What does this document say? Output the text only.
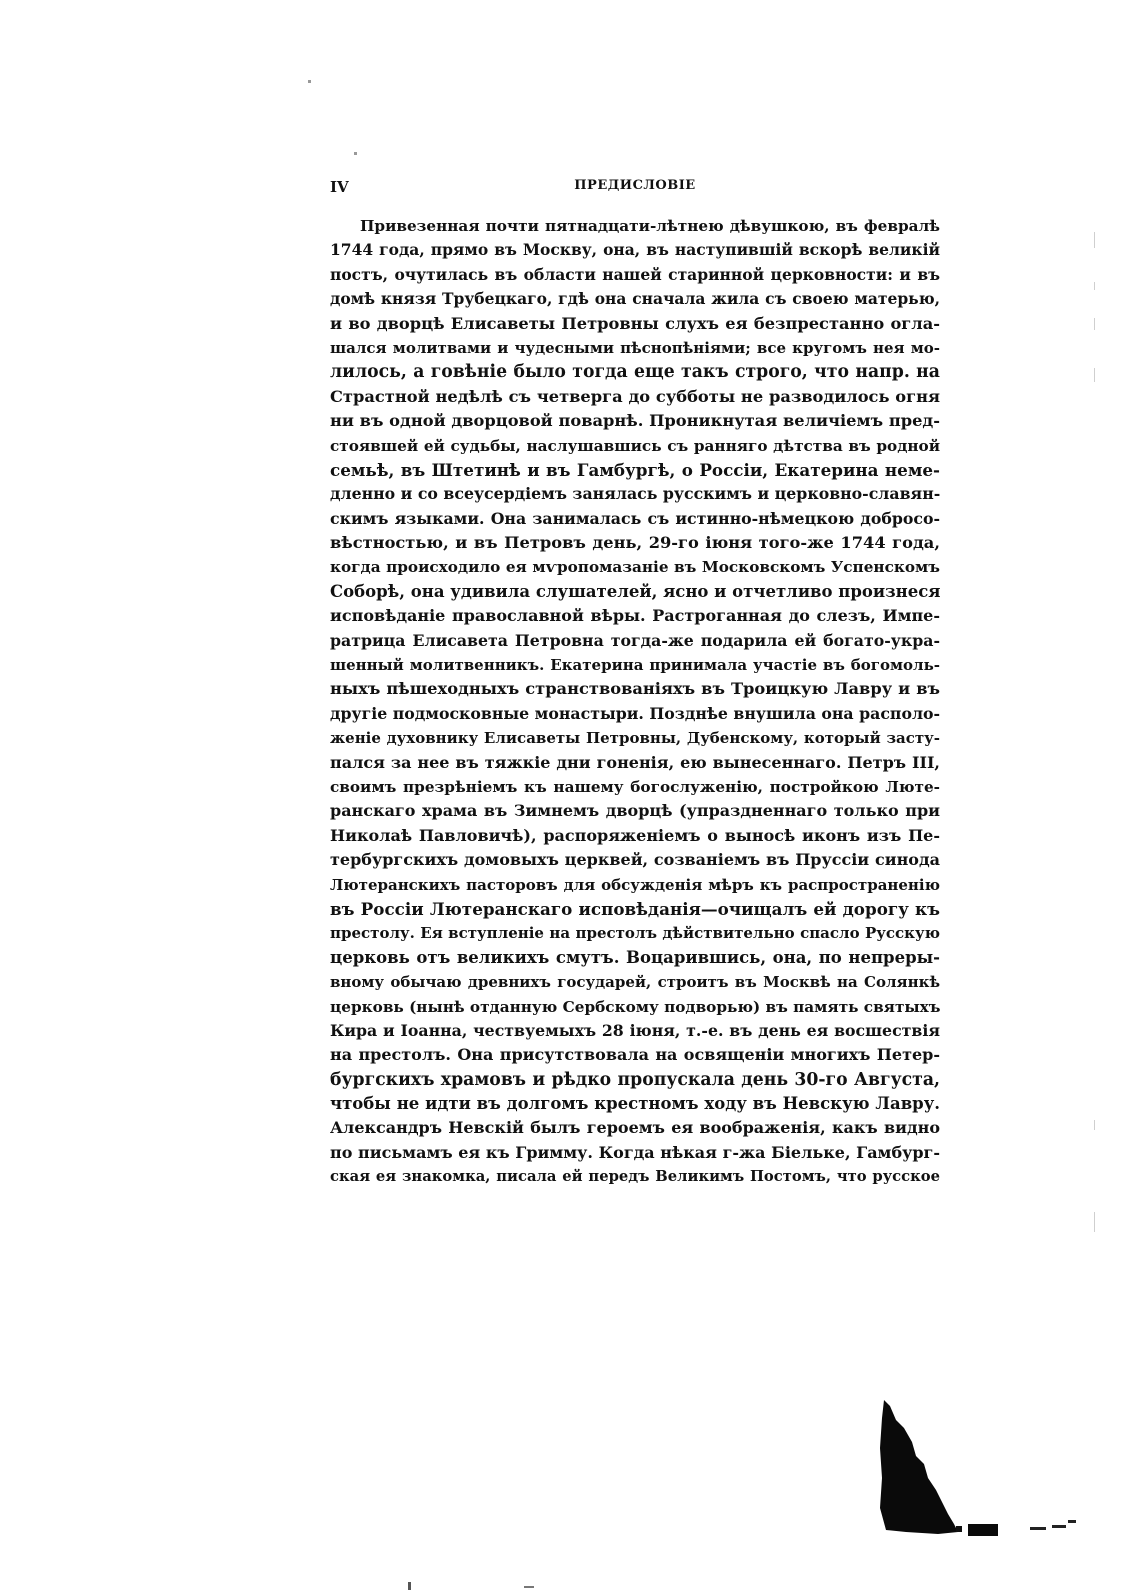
IV	ПРЕДИСЛОВІЕ
Привезенная почти пятнадцати-лѣтнею дѣвушкою, въ февралѣ
1744 года, прямо въ Москву, она, въ наступившій вскорѣ великій
постъ, очутилась въ области нашей старинной церковности: и въ
домѣ князя Трубецкаго, гдѣ она сначала жила съ своею матерью,
и во дворцѣ Елисаветы Петровны слухъ ея безпрестанно огла-
шался молитвами и чудесными пѣснопѣніями; все кругомъ нея мо-
лилось, а говѣніе было тогда еще такъ строго, что напр. на
Страстной недѣлѣ съ четверга до субботы не разводилось огня
ни въ одной дворцовой поварнѣ. Проникнутая величіемъ пред-
стоявшей ей судьбы, наслушавшись съ ранняго дѣтства въ родной
семьѣ, въ Штетинѣ и въ Гамбургѣ, о Россіи, Екатерина неме-
дленно и со всеусердіемъ занялась русскимъ и церковно-славян-
скимъ языками. Она занималась съ истинно-нѣмецкою добросо-
вѣстностью, и въ Петровъ день, 29-го іюня того-же 1744 года,
когда происходило ея мѵропомазаніе въ Московскомъ Успенскомъ
Соборѣ, она удивила слушателей, ясно и отчетливо произнеся
исповѣданіе православной вѣры. Растроганная до слезъ, Импе-
ратрица Елисавета Петровна тогда-же подарила ей богато-укра-
шенный молитвенникъ. Екатерина принимала участіе въ богомоль-
ныхъ пѣшеходныхъ странствованіяхъ въ Троицкую Лавру и въ
другіе подмосковные монастыри. Позднѣе внушила она располо-
женіе духовнику Елисаветы Петровны, Дубенскому, который засту-
пался за нее въ тяжкіе дни гоненія, ею вынесеннаго. Петръ III,
своимъ презрѣніемъ къ нашему богослуженію, постройкою Люте-
ранскаго храма въ Зимнемъ дворцѣ (упраздненнаго только при
Николаѣ Павловичѣ), распоряженіемъ о выносѣ иконъ изъ Пе-
тербургскихъ домовыхъ церквей, созваніемъ въ Пруссіи синода
Лютеранскихъ пасторовъ для обсужденія мѣръ къ распространенію
въ Россіи Лютеранскаго исповѣданія—очищалъ ей дорогу къ
престолу. Ея вступленіе на престолъ дѣйствительно спасло Русскую
церковь отъ великихъ смутъ. Воцарившись, она, по непреры-
вному обычаю древнихъ государей, строитъ въ Москвѣ на Солянкѣ
церковь (нынѣ отданную Сербскому подворью) въ память святыхъ
Кира и Іоанна, чествуемыхъ 28 іюня, т.-е. въ день ея восшествія
на престолъ. Она присутствовала на освященіи многихъ Петер-
бургскихъ храмовъ и рѣдко пропускала день 30-го Августа,
чтобы не идти въ долгомъ крестномъ ходу въ Невскую Лавру.
Александръ Невскій былъ героемъ ея воображенія, какъ видно
по письмамъ ея къ Гримму. Когда нѣкая г-жа Біельке, Гамбург-
ская ея знакомка, писала ей передъ Великимъ Постомъ, что русское
